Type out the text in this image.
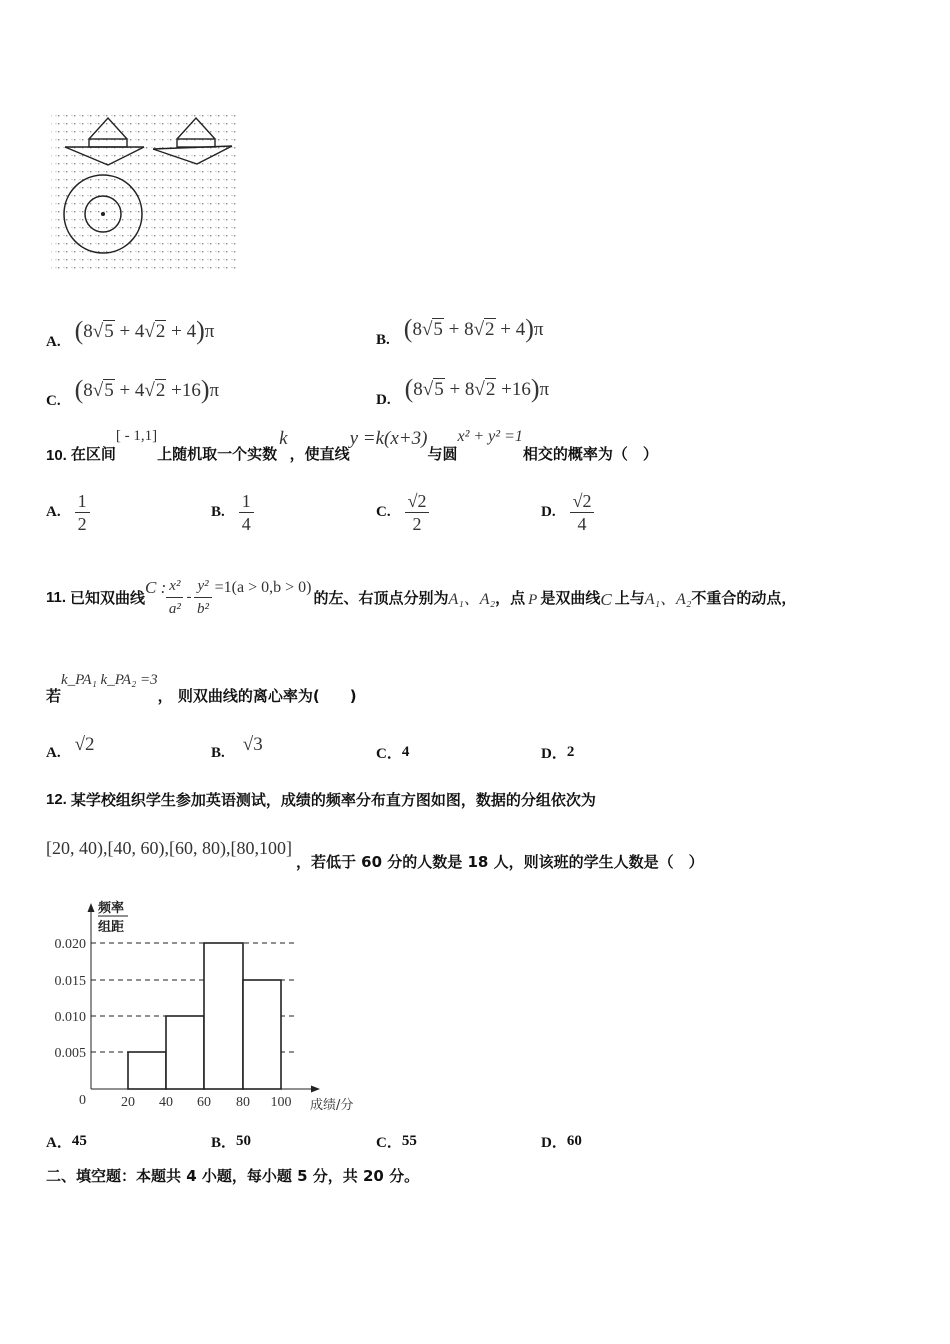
A. (8√5 + 4√2 + 4)π	B. (8√5 + 8√2 + 4)π
C. (8√5 + 4√2 +16)π	D. (8√5 + 8√2 +16)π
10. 在区间
[ - 1,1]
上随机取一个实数
k
，使直线
y =k(x+3)
与圆
x² + y² =1
相交的概率为（　）
A. $\frac{1}{2}$	B. $\frac{1}{4}$	C. $\frac{√2}{2}$	D. $\frac{√2}{4}$
11. 已知双曲线
C : $\frac{\text{x²}}{\text{a²}} - \frac{\text{y²}}{\text{b²}} =1(a > 0,b > 0)$
的左、右顶点分别为 A₁、A₂ ，点 P 是双曲线 C 上与 A₁、A₂ 不重合的动点，
若
k_PA₁ k_PA₂ =3
， 则双曲线的离心率为(　　)
A. √2	B. √3	C． 4	D． 2
12. 某学校组织学生参加英语测试，成绩的频率分布直方图如图，数据的分组依次为
[20, 40),[40, 60),[60, 80),[80,100]
，若低于 60 分的人数是 18 人，则该班的学生人数是（　）
0.020
0.015
0.010
0.005
0	20 40 60 80 100
频率
组距
成绩/分
A． 45	B． 50	C． 55	D． 60
二、填空题：本题共 4 小题，每小题 5 分，共 20 分。
